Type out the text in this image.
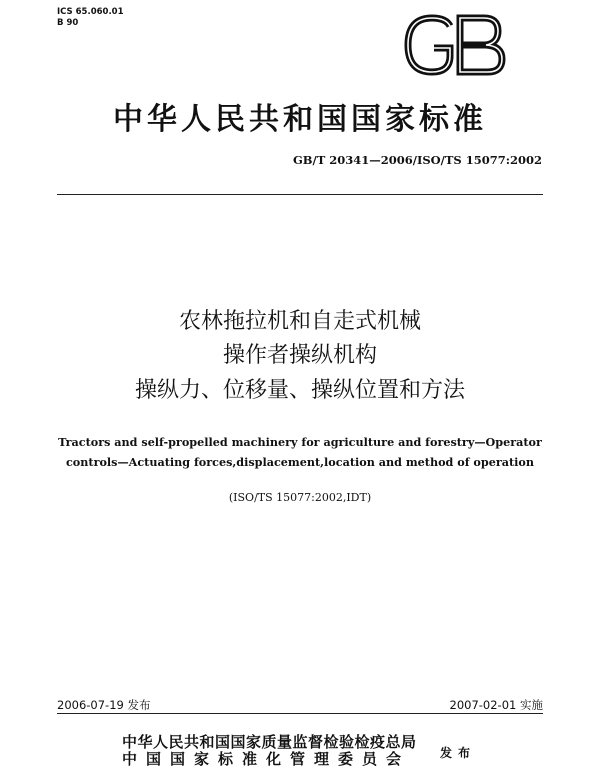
ICS 65.060.01
B 90
中华人民共和国国家标准
GB/T 20341—2006/ISO/TS 15077:2002
农林拖拉机和自走式机械
操作者操纵机构
操纵力、位移量、操纵位置和方法
Tractors and self-propelled machinery for agriculture and forestry—Operator
controls—Actuating forces,displacement,location and method of operation
(ISO/TS 15077:2002,IDT)
2006-07-19 发布	2007-02-01 实施
中华人民共和国国家质量监督检验检疫总局
中国国家标准化管理委员会	发布
